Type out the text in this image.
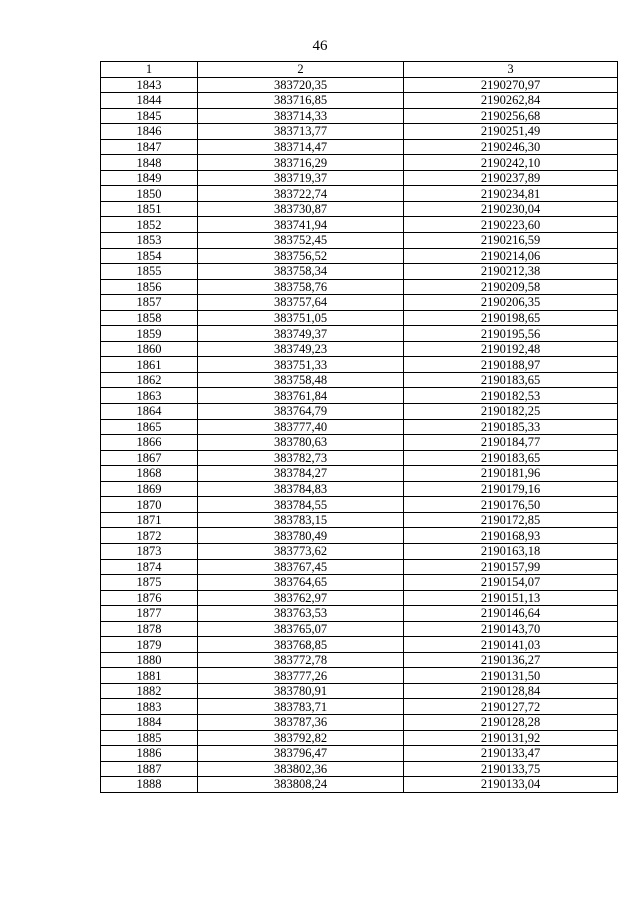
46
1	2	3
1843	383720,35	2190270,97
1844	383716,85	2190262,84
1845	383714,33	2190256,68
1846	383713,77	2190251,49
1847	383714,47	2190246,30
1848	383716,29	2190242,10
1849	383719,37	2190237,89
1850	383722,74	2190234,81
1851	383730,87	2190230,04
1852	383741,94	2190223,60
1853	383752,45	2190216,59
1854	383756,52	2190214,06
1855	383758,34	2190212,38
1856	383758,76	2190209,58
1857	383757,64	2190206,35
1858	383751,05	2190198,65
1859	383749,37	2190195,56
1860	383749,23	2190192,48
1861	383751,33	2190188,97
1862	383758,48	2190183,65
1863	383761,84	2190182,53
1864	383764,79	2190182,25
1865	383777,40	2190185,33
1866	383780,63	2190184,77
1867	383782,73	2190183,65
1868	383784,27	2190181,96
1869	383784,83	2190179,16
1870	383784,55	2190176,50
1871	383783,15	2190172,85
1872	383780,49	2190168,93
1873	383773,62	2190163,18
1874	383767,45	2190157,99
1875	383764,65	2190154,07
1876	383762,97	2190151,13
1877	383763,53	2190146,64
1878	383765,07	2190143,70
1879	383768,85	2190141,03
1880	383772,78	2190136,27
1881	383777,26	2190131,50
1882	383780,91	2190128,84
1883	383783,71	2190127,72
1884	383787,36	2190128,28
1885	383792,82	2190131,92
1886	383796,47	2190133,47
1887	383802,36	2190133,75
1888	383808,24	2190133,04
